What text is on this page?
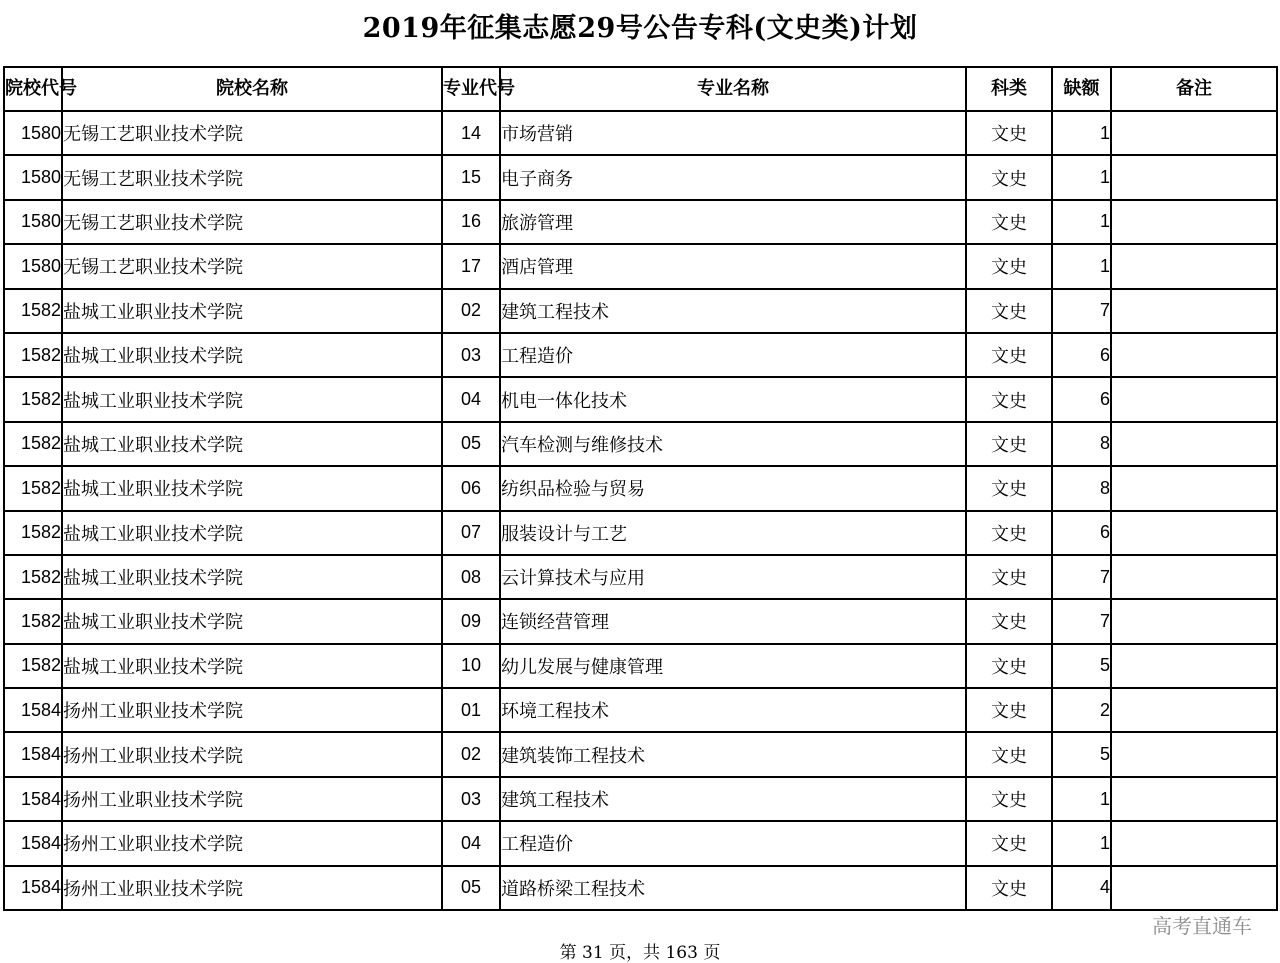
2019年征集志愿29号公告专科(文史类)计划
院校代号	院校名称	专业代号	专业名称	科类	缺额	备注
1580	无锡工艺职业技术学院	14	市场营销	文史	1	
1580	无锡工艺职业技术学院	15	电子商务	文史	1	
1580	无锡工艺职业技术学院	16	旅游管理	文史	1	
1580	无锡工艺职业技术学院	17	酒店管理	文史	1	
1582	盐城工业职业技术学院	02	建筑工程技术	文史	7	
1582	盐城工业职业技术学院	03	工程造价	文史	6	
1582	盐城工业职业技术学院	04	机电一体化技术	文史	6	
1582	盐城工业职业技术学院	05	汽车检测与维修技术	文史	8	
1582	盐城工业职业技术学院	06	纺织品检验与贸易	文史	8	
1582	盐城工业职业技术学院	07	服装设计与工艺	文史	6	
1582	盐城工业职业技术学院	08	云计算技术与应用	文史	7	
1582	盐城工业职业技术学院	09	连锁经营管理	文史	7	
1582	盐城工业职业技术学院	10	幼儿发展与健康管理	文史	5	
1584	扬州工业职业技术学院	01	环境工程技术	文史	2	
1584	扬州工业职业技术学院	02	建筑装饰工程技术	文史	5	
1584	扬州工业职业技术学院	03	建筑工程技术	文史	1	
1584	扬州工业职业技术学院	04	工程造价	文史	1	
1584	扬州工业职业技术学院	05	道路桥梁工程技术	文史	4	
高考直通车
第 31 页，共 163 页
